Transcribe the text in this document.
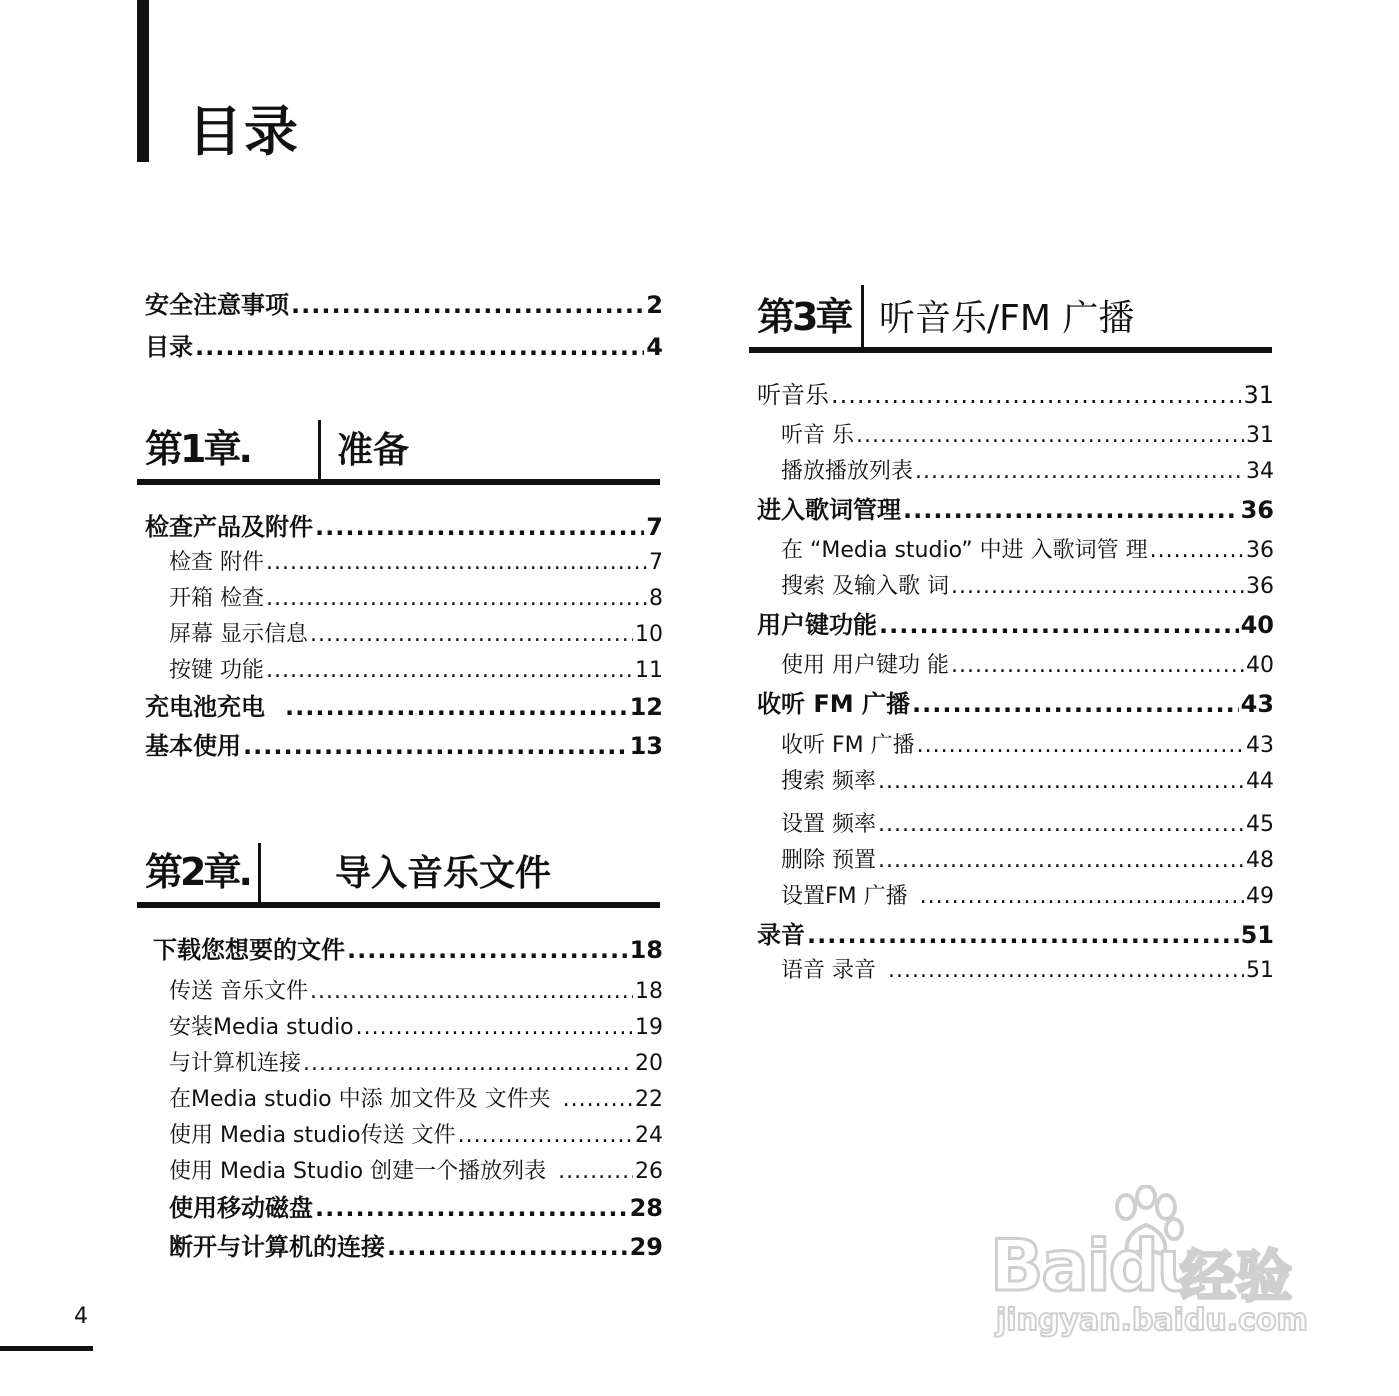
目录
安全注意事项 .....	2
目录 .....	4
第1章. 准备
检查产品及附件 .....	7
检查 附件 .....	7
开箱 检查 .....	8
屏幕 显示信息 .....	10
按键 功能 .....	11
充电池充电 .....	12
基本使用 .....	13
第2章. 导入音乐文件
下载您想要的文件 .....	18
传送 音乐文件 .....	18
安装Media studio .....	19
与计算机连接 .....	20
在Media studio 中添 加文件及 文件夹 .....	22
使用 Media studio传送 文件 .....	24
使用 Media Studio 创建一个播放列表 .....	26
使用移动磁盘 .....	28
断开与计算机的连接 .....	29
第3章 听音乐/FM 广播
听音乐 .....	31
听音 乐 .....	31
播放播放列表 .....	34
进入歌词管理 .....	36
在 “Media studio” 中进 入歌词管 理 .....	36
搜索 及输入歌 词 .....	36
用户键功能 .....	40
使用 用户键功 能 .....	40
收听 FM 广播 .....	43
收听 FM 广播 .....	43
搜索 频率 .....	44
设置 频率 .....	45
删除 预置 .....	48
设置FM 广播 .....	49
录音 .....	51
语音 录音 .....	51
4
Baidu
经验
jingyan.baidu.com
